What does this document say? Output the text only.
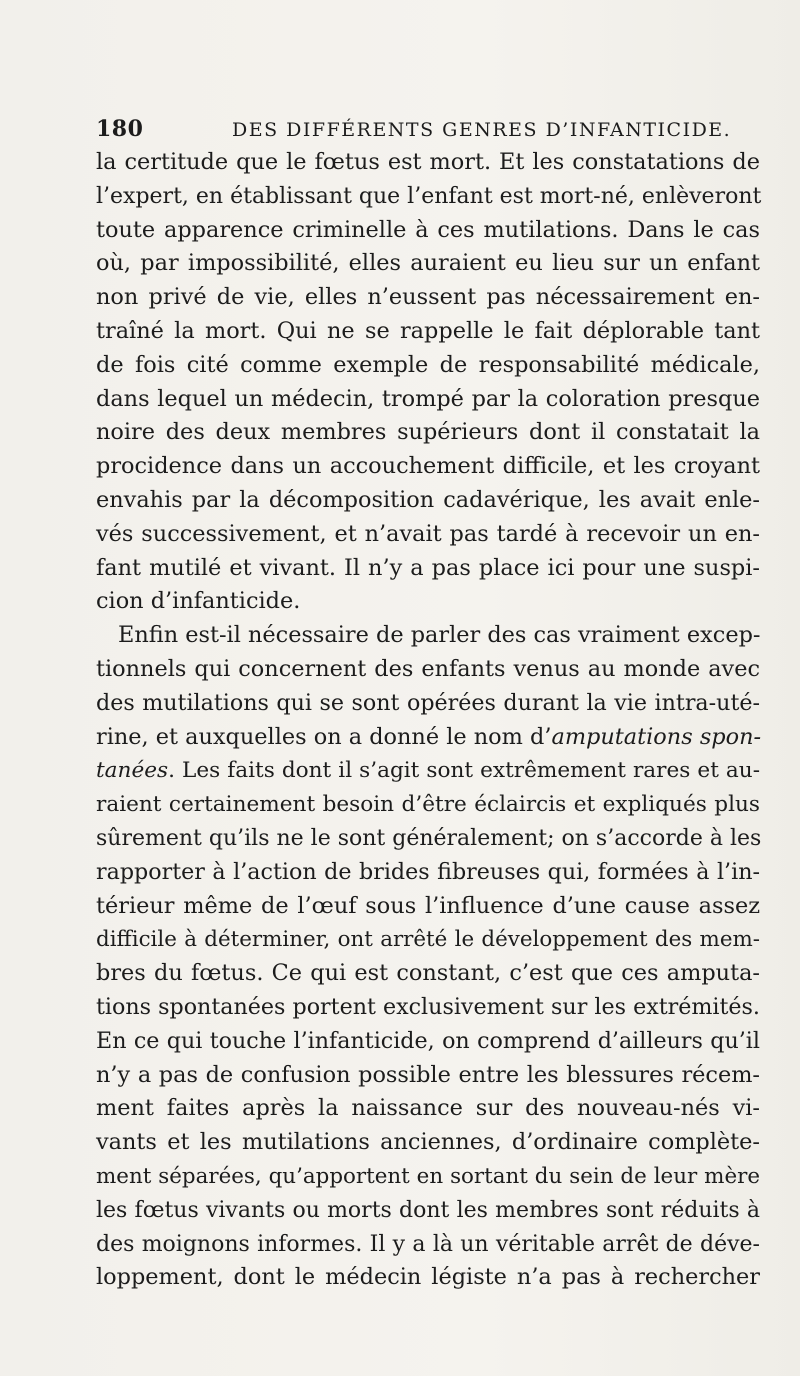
180	DES DIFFÉRENTS GENRES D’INFANTICIDE.
la certitude que le fœtus est mort. Et les constatations de
l’expert, en établissant que l’enfant est mort-né, enlèveront
toute apparence criminelle à ces mutilations. Dans le cas
où, par impossibilité, elles auraient eu lieu sur un enfant
non privé de vie, elles n’eussent pas nécessairement en-
traîné la mort. Qui ne se rappelle le fait déplorable tant
de fois cité comme exemple de responsabilité médicale,
dans lequel un médecin, trompé par la coloration presque
noire des deux membres supérieurs dont il constatait la
procidence dans un accouchement difficile, et les croyant
envahis par la décomposition cadavérique, les avait enle-
vés successivement, et n’avait pas tardé à recevoir un en-
fant mutilé et vivant. Il n’y a pas place ici pour une suspi-
cion d’infanticide.
Enfin est-il nécessaire de parler des cas vraiment excep-
tionnels qui concernent des enfants venus au monde avec
des mutilations qui se sont opérées durant la vie intra-uté-
rine, et auxquelles on a donné le nom d’amputations spon-
tanées. Les faits dont il s’agit sont extrêmement rares et au-
raient certainement besoin d’être éclaircis et expliqués plus
sûrement qu’ils ne le sont généralement; on s’accorde à les
rapporter à l’action de brides fibreuses qui, formées à l’in-
térieur même de l’œuf sous l’influence d’une cause assez
difficile à déterminer, ont arrêté le développement des mem-
bres du fœtus. Ce qui est constant, c’est que ces amputa-
tions spontanées portent exclusivement sur les extrémités.
En ce qui touche l’infanticide, on comprend d’ailleurs qu’il
n’y a pas de confusion possible entre les blessures récem-
ment faites après la naissance sur des nouveau-nés vi-
vants et les mutilations anciennes, d’ordinaire complète-
ment séparées, qu’apportent en sortant du sein de leur mère
les fœtus vivants ou morts dont les membres sont réduits à
des moignons informes. Il y a là un véritable arrêt de déve-
loppement, dont le médecin légiste n’a pas à rechercher
